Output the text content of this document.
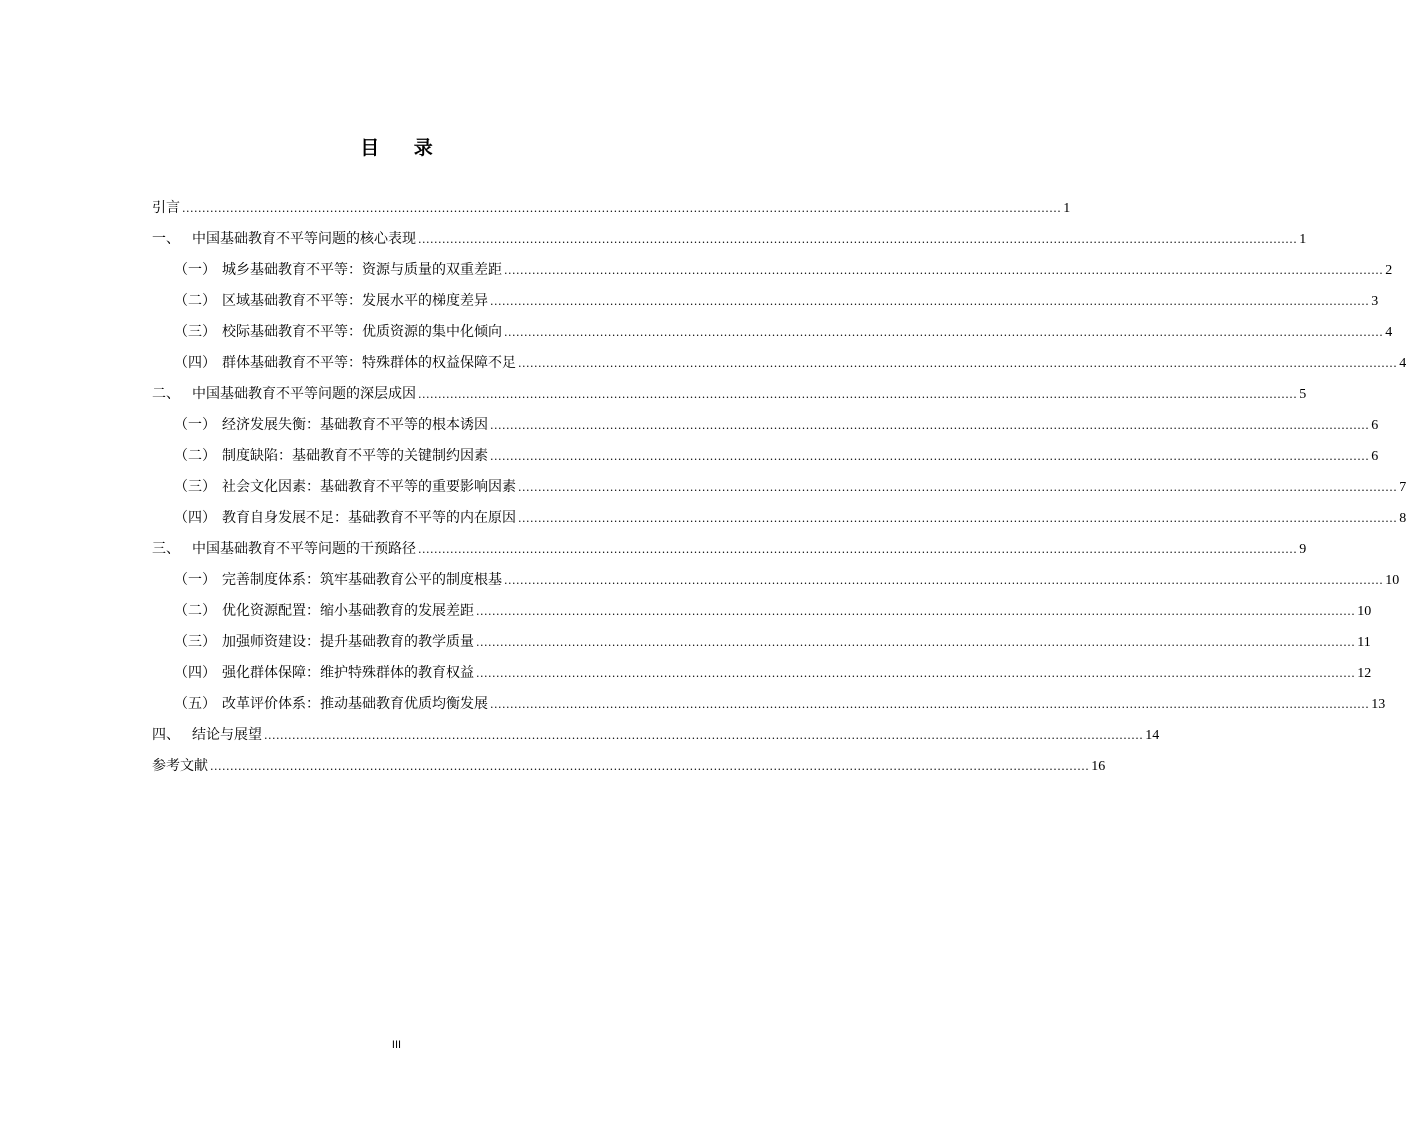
目 录
引言 ............................................................................................................................................................................................................................ 1
一、 中国基础教育不平等问题的核心表现 ............................................................................................................................................................................................................................ 1
（一） 城乡基础教育不平等：资源与质量的双重差距 ............................................................................................................................................................................................................................ 2
（二） 区域基础教育不平等：发展水平的梯度差异 ............................................................................................................................................................................................................................ 3
（三） 校际基础教育不平等：优质资源的集中化倾向 ............................................................................................................................................................................................................................ 4
（四） 群体基础教育不平等：特殊群体的权益保障不足 ............................................................................................................................................................................................................................ 4
二、 中国基础教育不平等问题的深层成因 ............................................................................................................................................................................................................................ 5
（一） 经济发展失衡：基础教育不平等的根本诱因 ............................................................................................................................................................................................................................ 6
（二） 制度缺陷：基础教育不平等的关键制约因素 ............................................................................................................................................................................................................................ 6
（三） 社会文化因素：基础教育不平等的重要影响因素 ............................................................................................................................................................................................................................ 7
（四） 教育自身发展不足：基础教育不平等的内在原因 ............................................................................................................................................................................................................................ 8
三、 中国基础教育不平等问题的干预路径 ............................................................................................................................................................................................................................ 9
（一） 完善制度体系：筑牢基础教育公平的制度根基 ............................................................................................................................................................................................................................ 10
（二） 优化资源配置：缩小基础教育的发展差距 ............................................................................................................................................................................................................................ 10
（三） 加强师资建设：提升基础教育的教学质量 ............................................................................................................................................................................................................................ 11
（四） 强化群体保障：维护特殊群体的教育权益 ............................................................................................................................................................................................................................ 12
（五） 改革评价体系：推动基础教育优质均衡发展 ............................................................................................................................................................................................................................ 13
四、 结论与展望 ............................................................................................................................................................................................................................ 14
参考文献 ............................................................................................................................................................................................................................ 16
III
